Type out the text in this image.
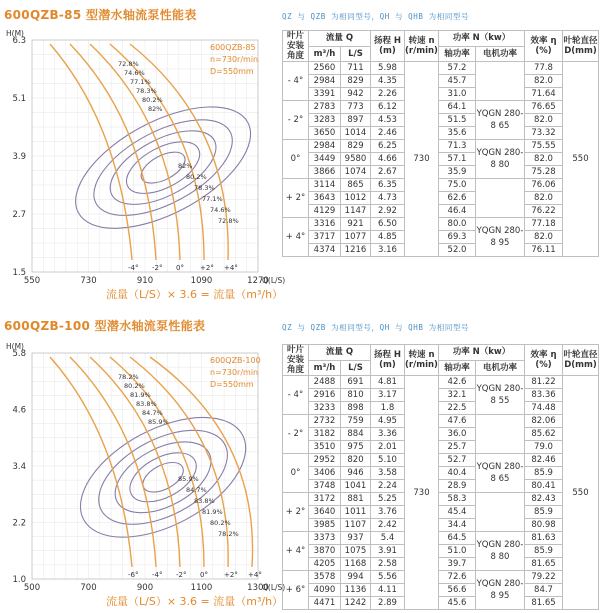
600QZB-85 型潜水轴流泵性能表	QZ 与 QZB 为相同型号，QH 与 QHB 为相同型号
6.3
5.1
3.9
2.7
1.5
H(M)
550	730	910	1090	1270
Q(L/S)
600QZB-85
n=730r/min
D=550mm
流量（L/S）× 3.6 = 流量（m³/h）
-4° -2° 0° +2° +4°
72.8%
74.6%
77.1%
78.3%
80.2%
82%
82%
80.2%
78.3%
77.1%
74.6%
72.8%
叶片安装角度	流量 Q		扬程 H (m)	转速 n (r/min)	功率 N（kw）		效率 η (%)	叶轮直径 D(mm)
	m³/h	L/S			轴功率	电机功率		
- 4°	2560	711	5.98	730	57.2		77.8	550
	2984	829	4.35		45.7		82.0	
	3391	942	2.26		31.0		71.64	
- 2°	2783	773	6.12		64.1	YQGN 280-8 65	76.65	
	3283	897	4.53		51.5		82.0	
	3650	1014	2.46		35.6		73.32	
0°	2984	829	6.25		71.3	YQGN 280-8 80	75.55	
	3449	9580	4.66		57.1		82.0	
	3866	1074	2.67		35.9		75.28	
+ 2°	3114	865	6.35		75.0		76.06	
	3643	1012	4.73		62.6		82.0	
	4129	1147	2.92		46.4		76.22	
+ 4°	3316	921	6.50		80.0	YQGN 280-8 95	77.18	
	3717	1077	4.85		69.3		82.0	
	4374	1216	3.16		52.0		76.11	
600QZB-100 型潜水轴流泵性能表	QZ 与 QZB 为相同型号，QH 与 QHB 为相同型号
5.8
4.6
3.4
2.2
1.0
H(M)
500	700	900	1100	1300
Q(L/S)
600QZB-100
n=730r/min
D=550mm
流量（L/S）× 3.6 = 流量（m³/h）
-6° -4° -2° 0° +2° +4°
78.2%
80.2%
81.9%
83.8%
84.7%
85.9%
85.9%
84.7%
83.8%
81.9%
80.2%
78.2%
叶片安装角度	流量 Q		扬程 H (m)	转速 n (r/min)	功率 N（kw）		效率 η (%)	叶轮直径 D(mm)
	m³/h	L/S			轴功率	电机功率		
- 4°	2488	691	4.81	730	42.6	YQGN 280-8 55	81.22	550
	2916	810	3.17		32.1		83.36	
	3233	898	1.8		22.5		74.48	
- 2°	2732	759	4.95		47.6		82.06	
	3182	884	3.36		36.0		85.62	
	3510	975	2.01		25.7		79.0	
0°	2952	820	5.10		52.7	YQGN 280-8 65	82.46	
	3406	946	3.58		40.4		85.9	
	3748	1041	2.24		28.9		80.41	
+ 2°	3172	881	5.25		58.3		82.43	
	3640	1011	3.76		45.4		85.9	
	3985	1107	2.42		34.4		80.98	
+ 4°	3373	937	5.4		64.5	YQGN 280-8 80	81.63	
	3870	1075	3.91		51.0		85.9	
	4205	1168	2.58		39.7		81.65	
+ 6°	3578	994	5.56		72.6	YQGN 280-8 95	79.22	
	4090	1136	4.11		56.6		84.7	
	4471	1242	2.89		45.6		81.65	
